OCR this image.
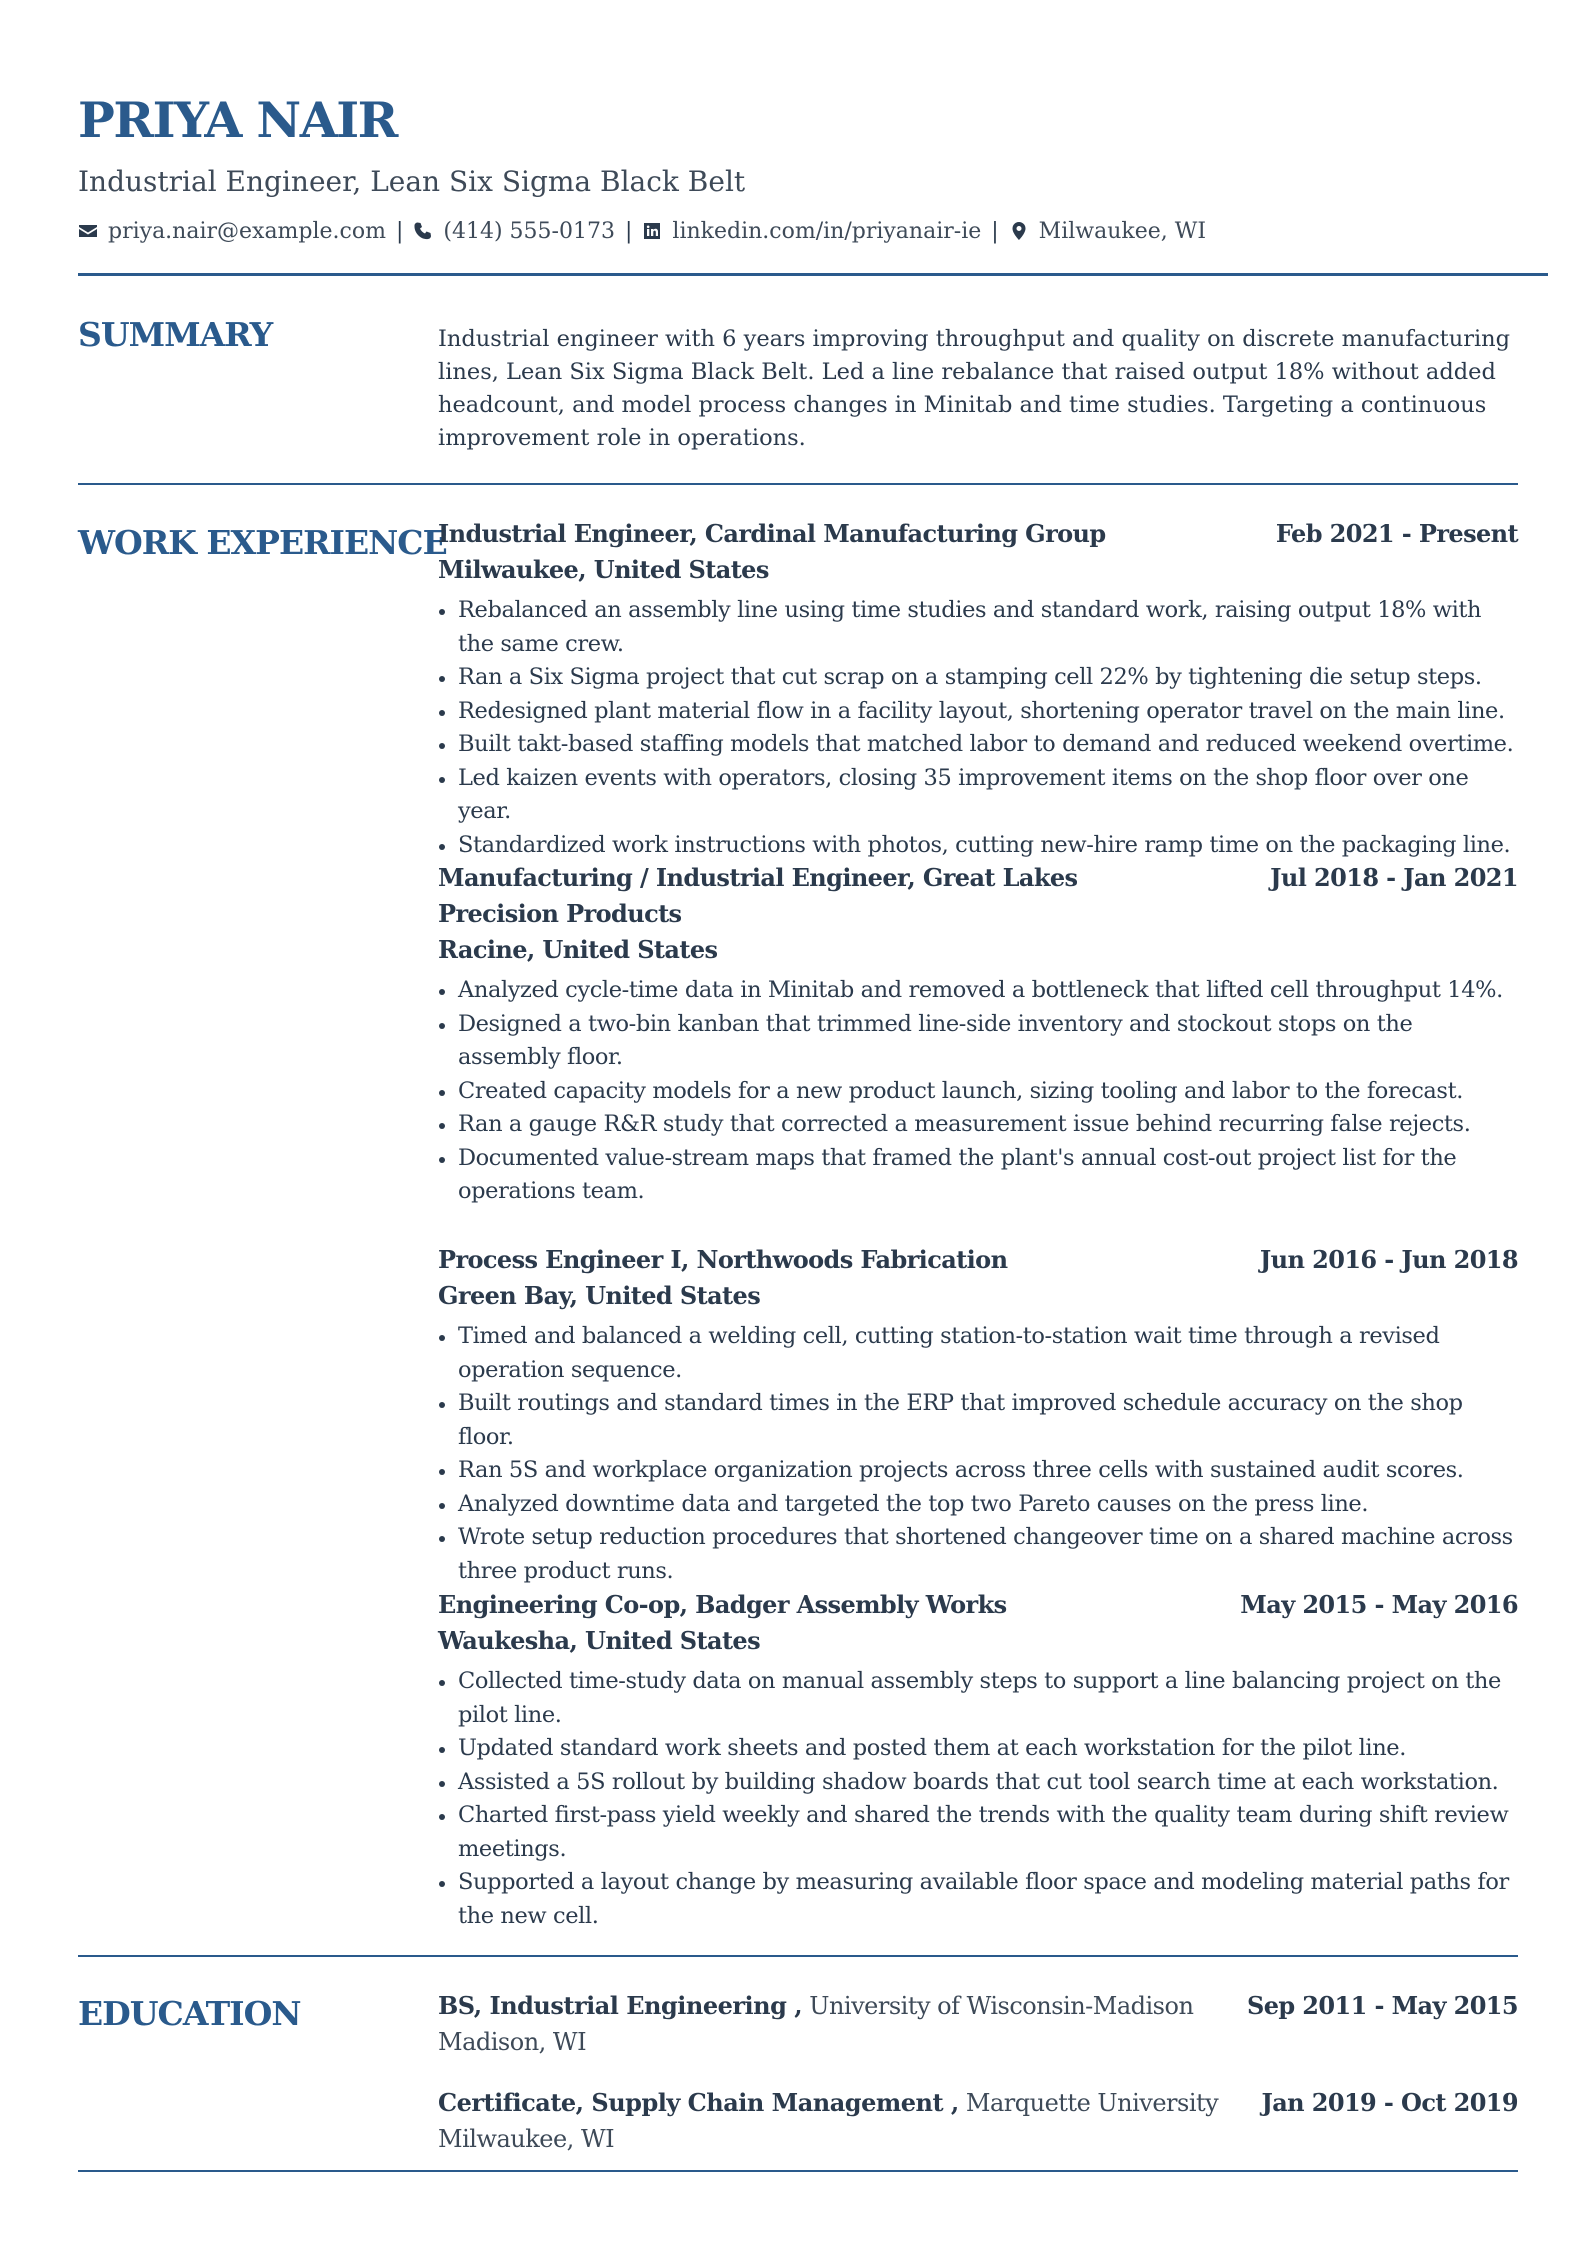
PRIYA NAIR
Industrial Engineer, Lean Six Sigma Black Belt
priya.nair@example.com | (414) 555-0173 | linkedin.com/in/priyanair-ie | Milwaukee, WI
SUMMARY	Industrial engineer with 6 years improving throughput and quality on discrete manufacturing lines, Lean Six Sigma Black Belt. Led a line rebalance that raised output 18% without added headcount, and model process changes in Minitab and time studies. Targeting a continuous improvement role in operations.

WORK EXPERIENCE
Industrial Engineer, Cardinal Manufacturing Group	Feb 2021 - Present
Milwaukee, United States
Rebalanced an assembly line using time studies and standard work, raising output 18% with the same crew.
Ran a Six Sigma project that cut scrap on a stamping cell 22% by tightening die setup steps.
Redesigned plant material flow in a facility layout, shortening operator travel on the main line.
Built takt-based staffing models that matched labor to demand and reduced weekend overtime.
Led kaizen events with operators, closing 35 improvement items on the shop floor over one year.
Standardized work instructions with photos, cutting new-hire ramp time on the packaging line.
Manufacturing / Industrial Engineer, Great Lakes Precision Products
Jul 2018 - Jan 2021
Racine, United States
Analyzed cycle-time data in Minitab and removed a bottleneck that lifted cell throughput 14%.
Designed a two-bin kanban that trimmed line-side inventory and stockout stops on the assembly floor.
Created capacity models for a new product launch, sizing tooling and labor to the forecast.
Ran a gauge R&R study that corrected a measurement issue behind recurring false rejects.
Documented value-stream maps that framed the plant's annual cost-out project list for the operations team.
Process Engineer I, Northwoods Fabrication	Jun 2016 - Jun 2018
Green Bay, United States
Timed and balanced a welding cell, cutting station-to-station wait time through a revised operation sequence.
Built routings and standard times in the ERP that improved schedule accuracy on the shop floor.
Ran 5S and workplace organization projects across three cells with sustained audit scores.
Analyzed downtime data and targeted the top two Pareto causes on the press line.
Wrote setup reduction procedures that shortened changeover time on a shared machine across three product runs.
Engineering Co-op, Badger Assembly Works	May 2015 - May 2016
Waukesha, United States
Collected time-study data on manual assembly steps to support a line balancing project on the pilot line.
Updated standard work sheets and posted them at each workstation for the pilot line.
Assisted a 5S rollout by building shadow boards that cut tool search time at each workstation.
Charted first-pass yield weekly and shared the trends with the quality team during shift review meetings.
Supported a layout change by measuring available floor space and modeling material paths for the new cell.
EDUCATION	BS, Industrial Engineering , University of Wisconsin-Madison Sep 2011 - May 2015
Madison, WI
Certificate, Supply Chain Management , Marquette University Jan 2019 - Oct 2019
Milwaukee, WI
